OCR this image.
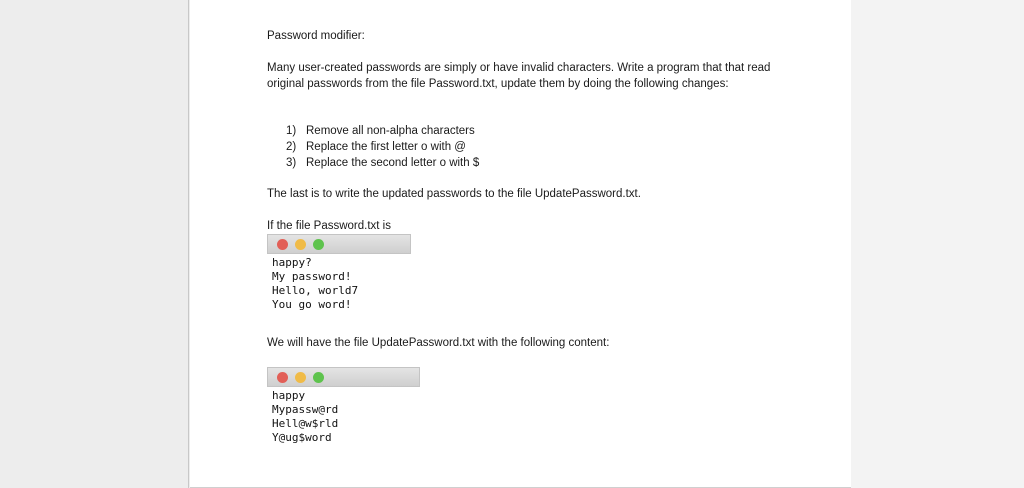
Password modifier:

Many user-created passwords are simply or have invalid characters. Write a program that that read original passwords from the file Password.txt, update them by doing the following changes:

1) Remove all non-alpha characters
2) Replace the first letter o with @
3) Replace the second letter o with $

The last is to write the updated passwords to the file UpdatePassword.txt.

If the file Password.txt is

happy?
My password!
Hello, world7
You go word!

We will have the file UpdatePassword.txt with the following content:

happy
Mypassw@rd
Hell@w$rld
Y@ug$word
